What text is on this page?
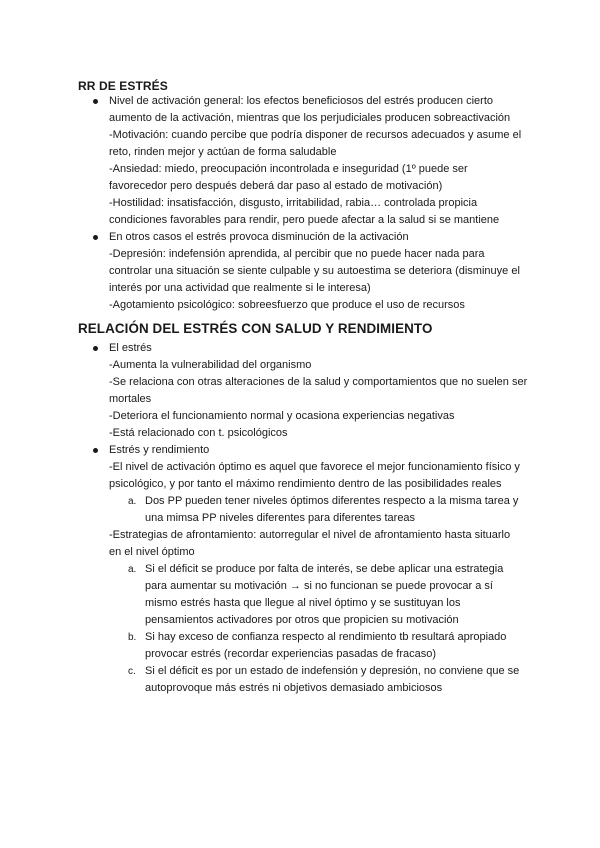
RR DE ESTRÉS
Nivel de activación general: los efectos beneficiosos del estrés producen cierto
aumento de la activación, mientras que los perjudiciales producen sobreactivación
-Motivación: cuando percibe que podría disponer de recursos adecuados y asume el
reto, rinden mejor y actúan de forma saludable
-Ansiedad: miedo, preocupación incontrolada e inseguridad (1º puede ser
favorecedor pero después deberá dar paso al estado de motivación)
-Hostilidad: insatisfacción, disgusto, irritabilidad, rabia… controlada propicia
condiciones favorables para rendir, pero puede afectar a la salud si se mantiene
En otros casos el estrés provoca disminución de la activación
-Depresión: indefensión aprendida, al percibir que no puede hacer nada para
controlar una situación se siente culpable y su autoestima se deteriora (disminuye el
interés por una actividad que realmente si le interesa)
-Agotamiento psicológico: sobreesfuerzo que produce el uso de recursos
RELACIÓN DEL ESTRÉS CON SALUD Y RENDIMIENTO
El estrés
-Aumenta la vulnerabilidad del organismo
-Se relaciona con otras alteraciones de la salud y comportamientos que no suelen ser
mortales
-Deteriora el funcionamiento normal y ocasiona experiencias negativas
-Está relacionado con t. psicológicos
Estrés y rendimiento
-El nivel de activación óptimo es aquel que favorece el mejor funcionamiento físico y
psicológico, y por tanto el máximo rendimiento dentro de las posibilidades reales
a. Dos PP pueden tener niveles óptimos diferentes respecto a la misma tarea y
una mimsa PP niveles diferentes para diferentes tareas
-Estrategias de afrontamiento: autorregular el nivel de afrontamiento hasta situarlo
en el nivel óptimo
a. Si el déficit se produce por falta de interés, se debe aplicar una estrategia
para aumentar su motivación → si no funcionan se puede provocar a sí
mismo estrés hasta que llegue al nivel óptimo y se sustituyan los
pensamientos activadores por otros que propicien su motivación
b. Si hay exceso de confianza respecto al rendimiento tb resultará apropiado
provocar estrés (recordar experiencias pasadas de fracaso)
c. Si el déficit es por un estado de indefensión y depresión, no conviene que se
autoprovoque más estrés ni objetivos demasiado ambiciosos
